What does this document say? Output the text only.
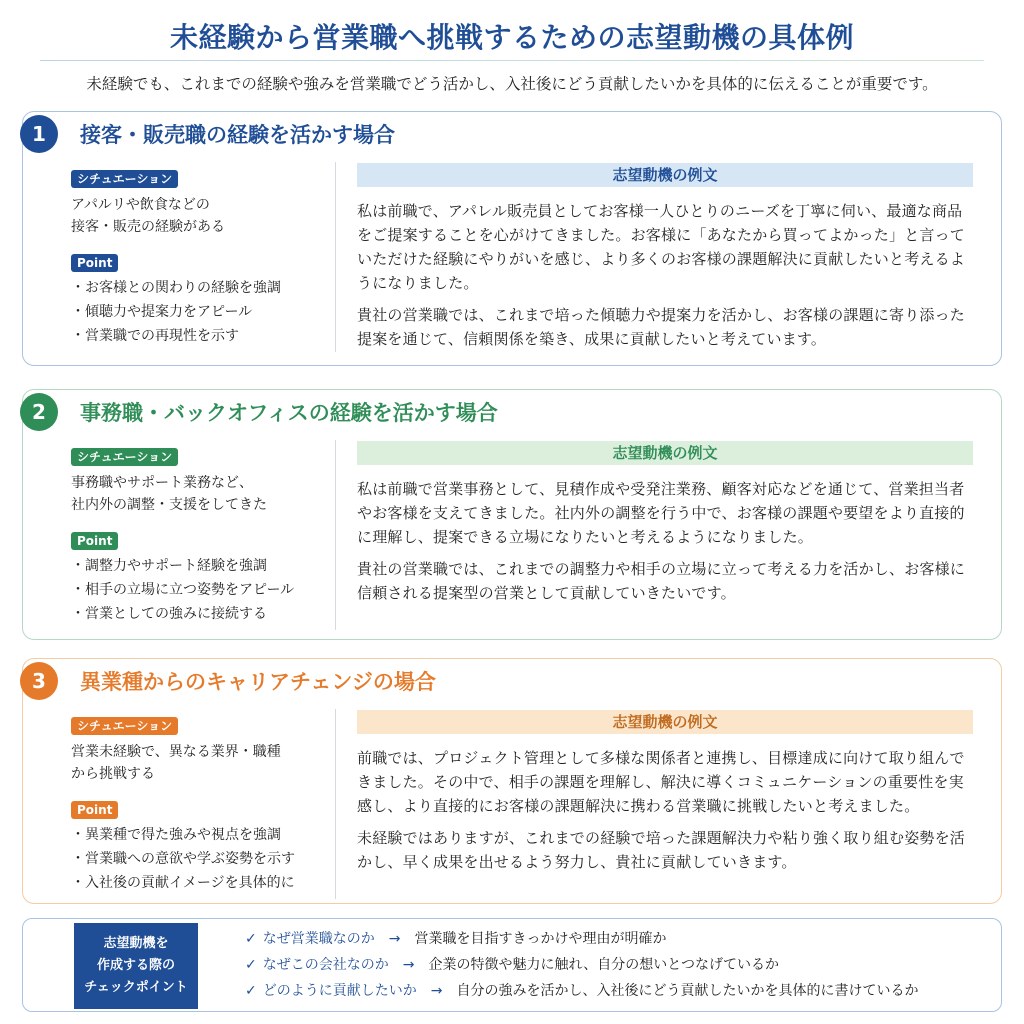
未経験から営業職へ挑戦するための志望動機の具体例
未経験でも、これまでの経験や強みを営業職でどう活かし、入社後にどう貢献したいかを具体的に伝えることが重要です。
1	接客・販売職の経験を活かす場合
シチュエーション
アパルリや飲食などの
接客・販売の経験がある
Point
・ お客様との関わりの経験を強調
・ 傾聴力や提案力をアピール
・ 営業職での再現性を示す
志望動機の例文

私は前職で、アパレル販売員としてお客様一人ひとりのニーズを丁寧に伺い、最適な商品をご提案することを心がけてきました。お客様に「あなたから買ってよかった」と言っていただけた経験にやりがいを感じ、より多くのお客様の課題解決に貢献したいと考えるようになりました。

貴社の営業職では、これまで培った傾聴力や提案力を活かし、お客様の課題に寄り添った提案を通じて、信頼関係を築き、成果に貢献したいと考えています。

2	事務職・バックオフィスの経験を活かす場合
シチュエーション
事務職やサポート業務など、
社内外の調整・支援をしてきた
Point
・ 調整力やサポート経験を強調
・ 相手の立場に立つ姿勢をアピール
・ 営業としての強みに接続する
志望動機の例文

私は前職で営業事務として、見積作成や受発注業務、顧客対応などを通じて、営業担当者やお客様を支えてきました。社内外の調整を行う中で、お客様の課題や要望をより直接的に理解し、提案できる立場になりたいと考えるようになりました。

貴社の営業職では、これまでの調整力や相手の立場に立って考える力を活かし、お客様に信頼される提案型の営業として貢献していきたいです。

3	異業種からのキャリアチェンジの場合
シチュエーション
営業未経験で、異なる業界・職種
から挑戦する
Point
・ 異業種で得た強みや視点を強調
・ 営業職への意欲や学ぶ姿勢を示す
・ 入社後の貢献イメージを具体的に
志望動機の例文

前職では、プロジェクト管理として多様な関係者と連携し、目標達成に向けて取り組んできました。その中で、相手の課題を理解し、解決に導くコミュニケーションの重要性を実感し、より直接的にお客様の課題解決に携わる営業職に挑戦したいと考えました。

未経験ではありますが、これまでの経験で培った課題解決力や粘り強く取り組む姿勢を活かし、早く成果を出せるよう努力し、貴社に貢献していきます。

志望動機を
作成する際の
チェックポイント
✓ なぜ営業職なのか → 営業職を目指すきっかけや理由が明確か
✓ なぜこの会社なのか → 企業の特徴や魅力に触れ、自分の想いとつなげているか
✓ どのように貢献したいか → 自分の強みを活かし、入社後にどう貢献したいかを具体的に書けているか
